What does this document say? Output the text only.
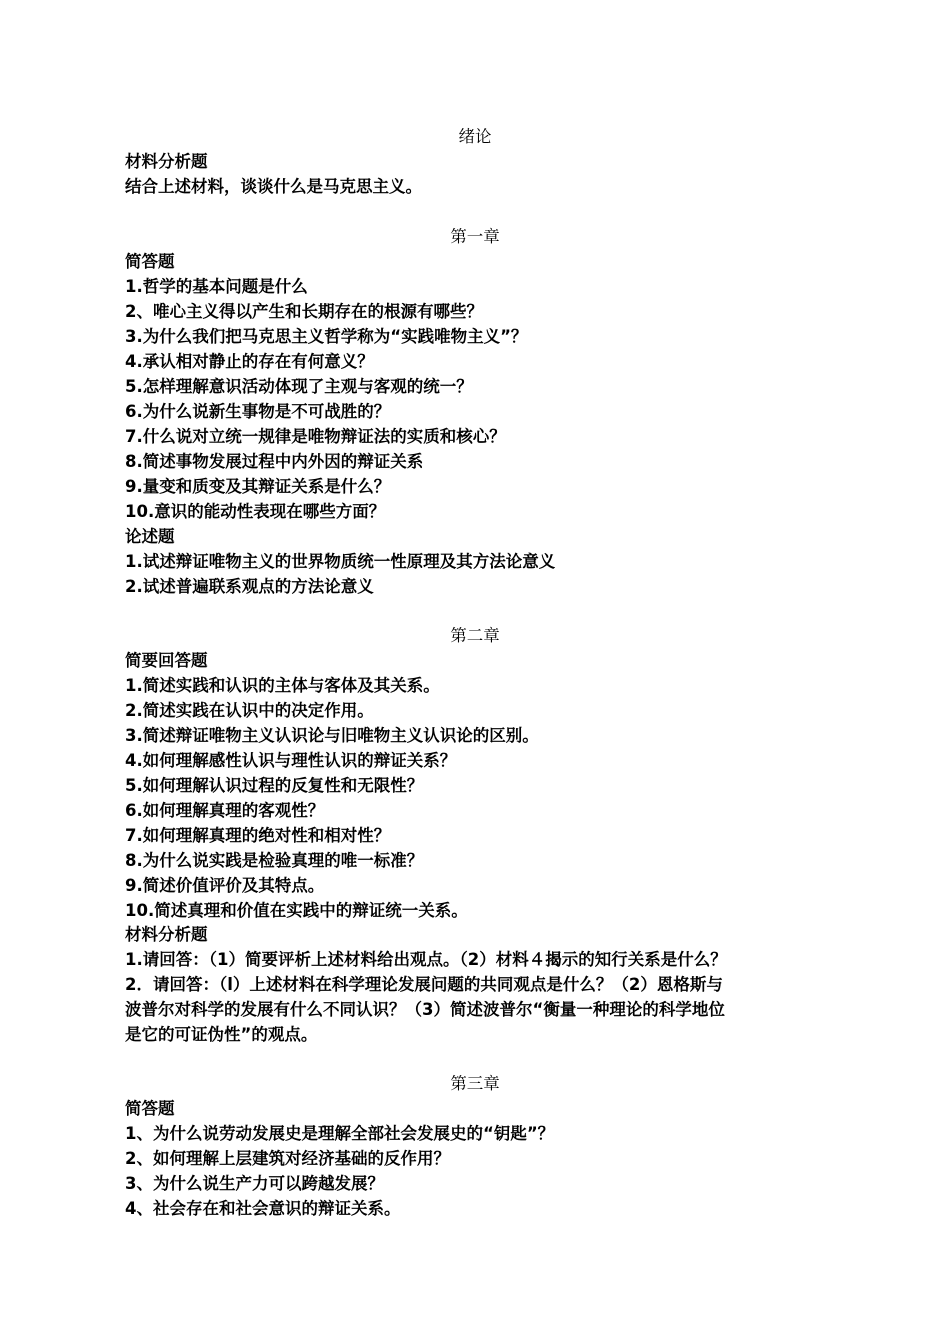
绪论
材料分析题
结合上述材料，谈谈什么是马克思主义。
第一章
简答题
1.哲学的基本问题是什么
2、唯心主义得以产生和长期存在的根源有哪些？
3.为什么我们把马克思主义哲学称为“实践唯物主义”？
4.承认相对静止的存在有何意义？
5.怎样理解意识活动体现了主观与客观的统一？
6.为什么说新生事物是不可战胜的？
7.什么说对立统一规律是唯物辩证法的实质和核心？
8.简述事物发展过程中内外因的辩证关系
9.量变和质变及其辩证关系是什么？
10.意识的能动性表现在哪些方面？
论述题
1.试述辩证唯物主义的世界物质统一性原理及其方法论意义
2.试述普遍联系观点的方法论意义
第二章
简要回答题
1.简述实践和认识的主体与客体及其关系。
2.简述实践在认识中的决定作用。
3.简述辩证唯物主义认识论与旧唯物主义认识论的区别。
4.如何理解感性认识与理性认识的辩证关系？
5.如何理解认识过程的反复性和无限性？
6.如何理解真理的客观性？
7.如何理解真理的绝对性和相对性？
8.为什么说实践是检验真理的唯一标准？
9.简述价值评价及其特点。
10.简述真理和价值在实践中的辩证统一关系。
材料分析题
1.请回答：（1）简要评析上述材料给出观点。（2）材料４揭示的知行关系是什么？
2．请回答：（l）上述材料在科学理论发展问题的共同观点是什么？（2）恩格斯与
波普尔对科学的发展有什么不同认识？（3）简述波普尔“衡量一种理论的科学地位
是它的可证伪性”的观点。
第三章
简答题
1、为什么说劳动发展史是理解全部社会发展史的“钥匙”？
2、如何理解上层建筑对经济基础的反作用？
3、为什么说生产力可以跨越发展？
4、社会存在和社会意识的辩证关系。
